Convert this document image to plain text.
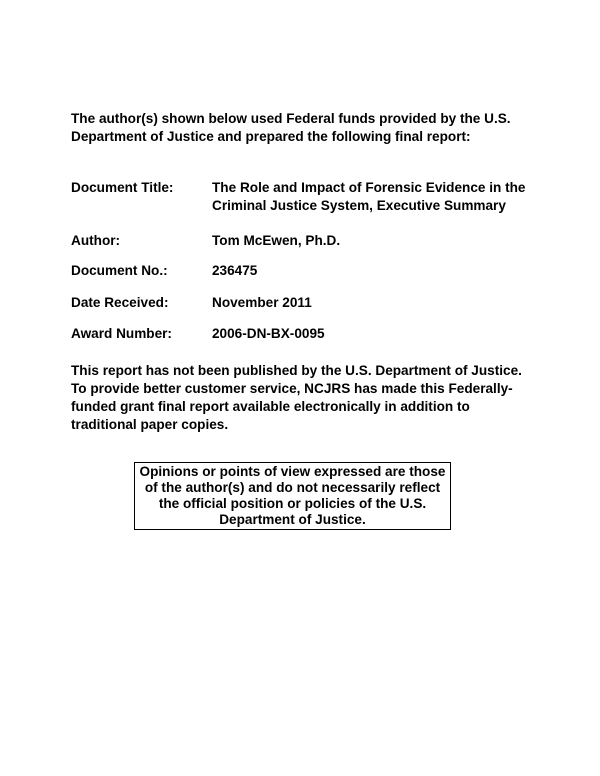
The author(s) shown below used Federal funds provided by the U.S.
Department of Justice and prepared the following final report:

Document Title:	The Role and Impact of Forensic Evidence in the
Criminal Justice System, Executive Summary
Author:	Tom McEwen, Ph.D.
Document No.:	236475
Date Received:	November 2011
Award Number:	2006-DN-BX-0095

This report has not been published by the U.S. Department of Justice.
To provide better customer service, NCJRS has made this Federally-
funded grant final report available electronically in addition to
traditional paper copies.

Opinions or points of view expressed are those
of the author(s) and do not necessarily reflect
the official position or policies of the U.S.
Department of Justice.
